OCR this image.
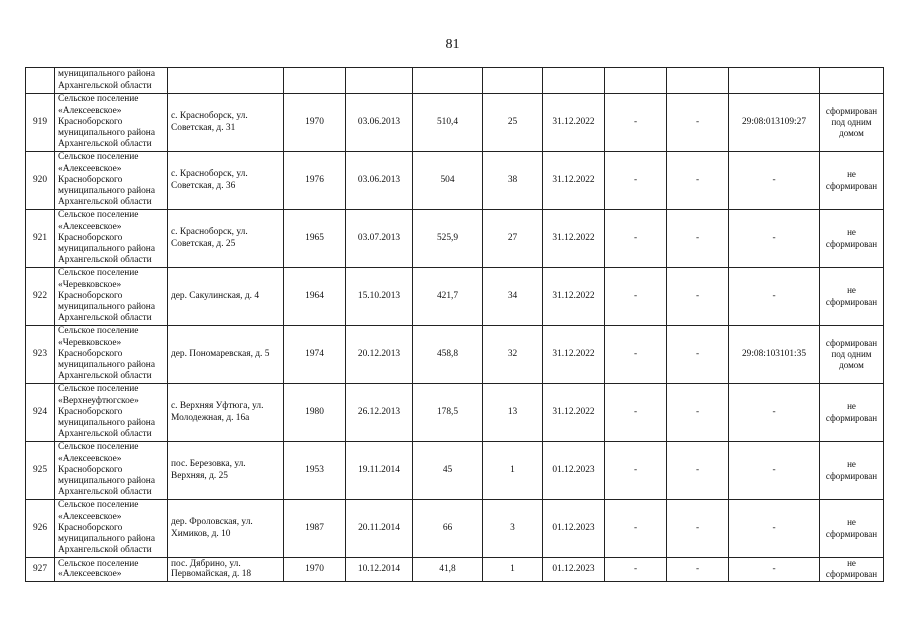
81
	муниципального района Архангельской области										
919	Сельское поселение «Алексеевское» Красноборского муниципального района Архангельской области	с. Красноборск, ул. Советская, д. 31	1970	03.06.2013	510,4	25	31.12.2022	-	-	29:08:013109:27	сформирован под одним домом
920	Сельское поселение «Алексеевское» Красноборского муниципального района Архангельской области	с. Красноборск, ул. Советская, д. 36	1976	03.06.2013	504	38	31.12.2022	-	-	-	не сформирован
921	Сельское поселение «Алексеевское» Красноборского муниципального района Архангельской области	с. Красноборск, ул. Советская, д. 25	1965	03.07.2013	525,9	27	31.12.2022	-	-	-	не сформирован
922	Сельское поселение «Черевковское» Красноборского муниципального района Архангельской области	дер. Сакулинская, д. 4	1964	15.10.2013	421,7	34	31.12.2022	-	-	-	не сформирован
923	Сельское поселение «Черевковское» Красноборского муниципального района Архангельской области	дер. Пономаревская, д. 5	1974	20.12.2013	458,8	32	31.12.2022	-	-	29:08:103101:35	сформирован под одним домом
924	Сельское поселение «Верхнеуфтюгское» Красноборского муниципального района Архангельской области	с. Верхняя Уфтюга, ул. Молодежная, д. 16а	1980	26.12.2013	178,5	13	31.12.2022	-	-	-	не сформирован
925	Сельское поселение «Алексеевское» Красноборского муниципального района Архангельской области	пос. Березовка, ул. Верхняя, д. 25	1953	19.11.2014	45	1	01.12.2023	-	-	-	не сформирован
926	Сельское поселение «Алексеевское» Красноборского муниципального района Архангельской области	дер. Фроловская, ул. Химиков, д. 10	1987	20.11.2014	66	3	01.12.2023	-	-	-	не сформирован
927	Сельское поселение «Алексеевское»	пос. Дябрино, ул. Первомайская, д. 18	1970	10.12.2014	41,8	1	01.12.2023	-	-	-	не сформирован
